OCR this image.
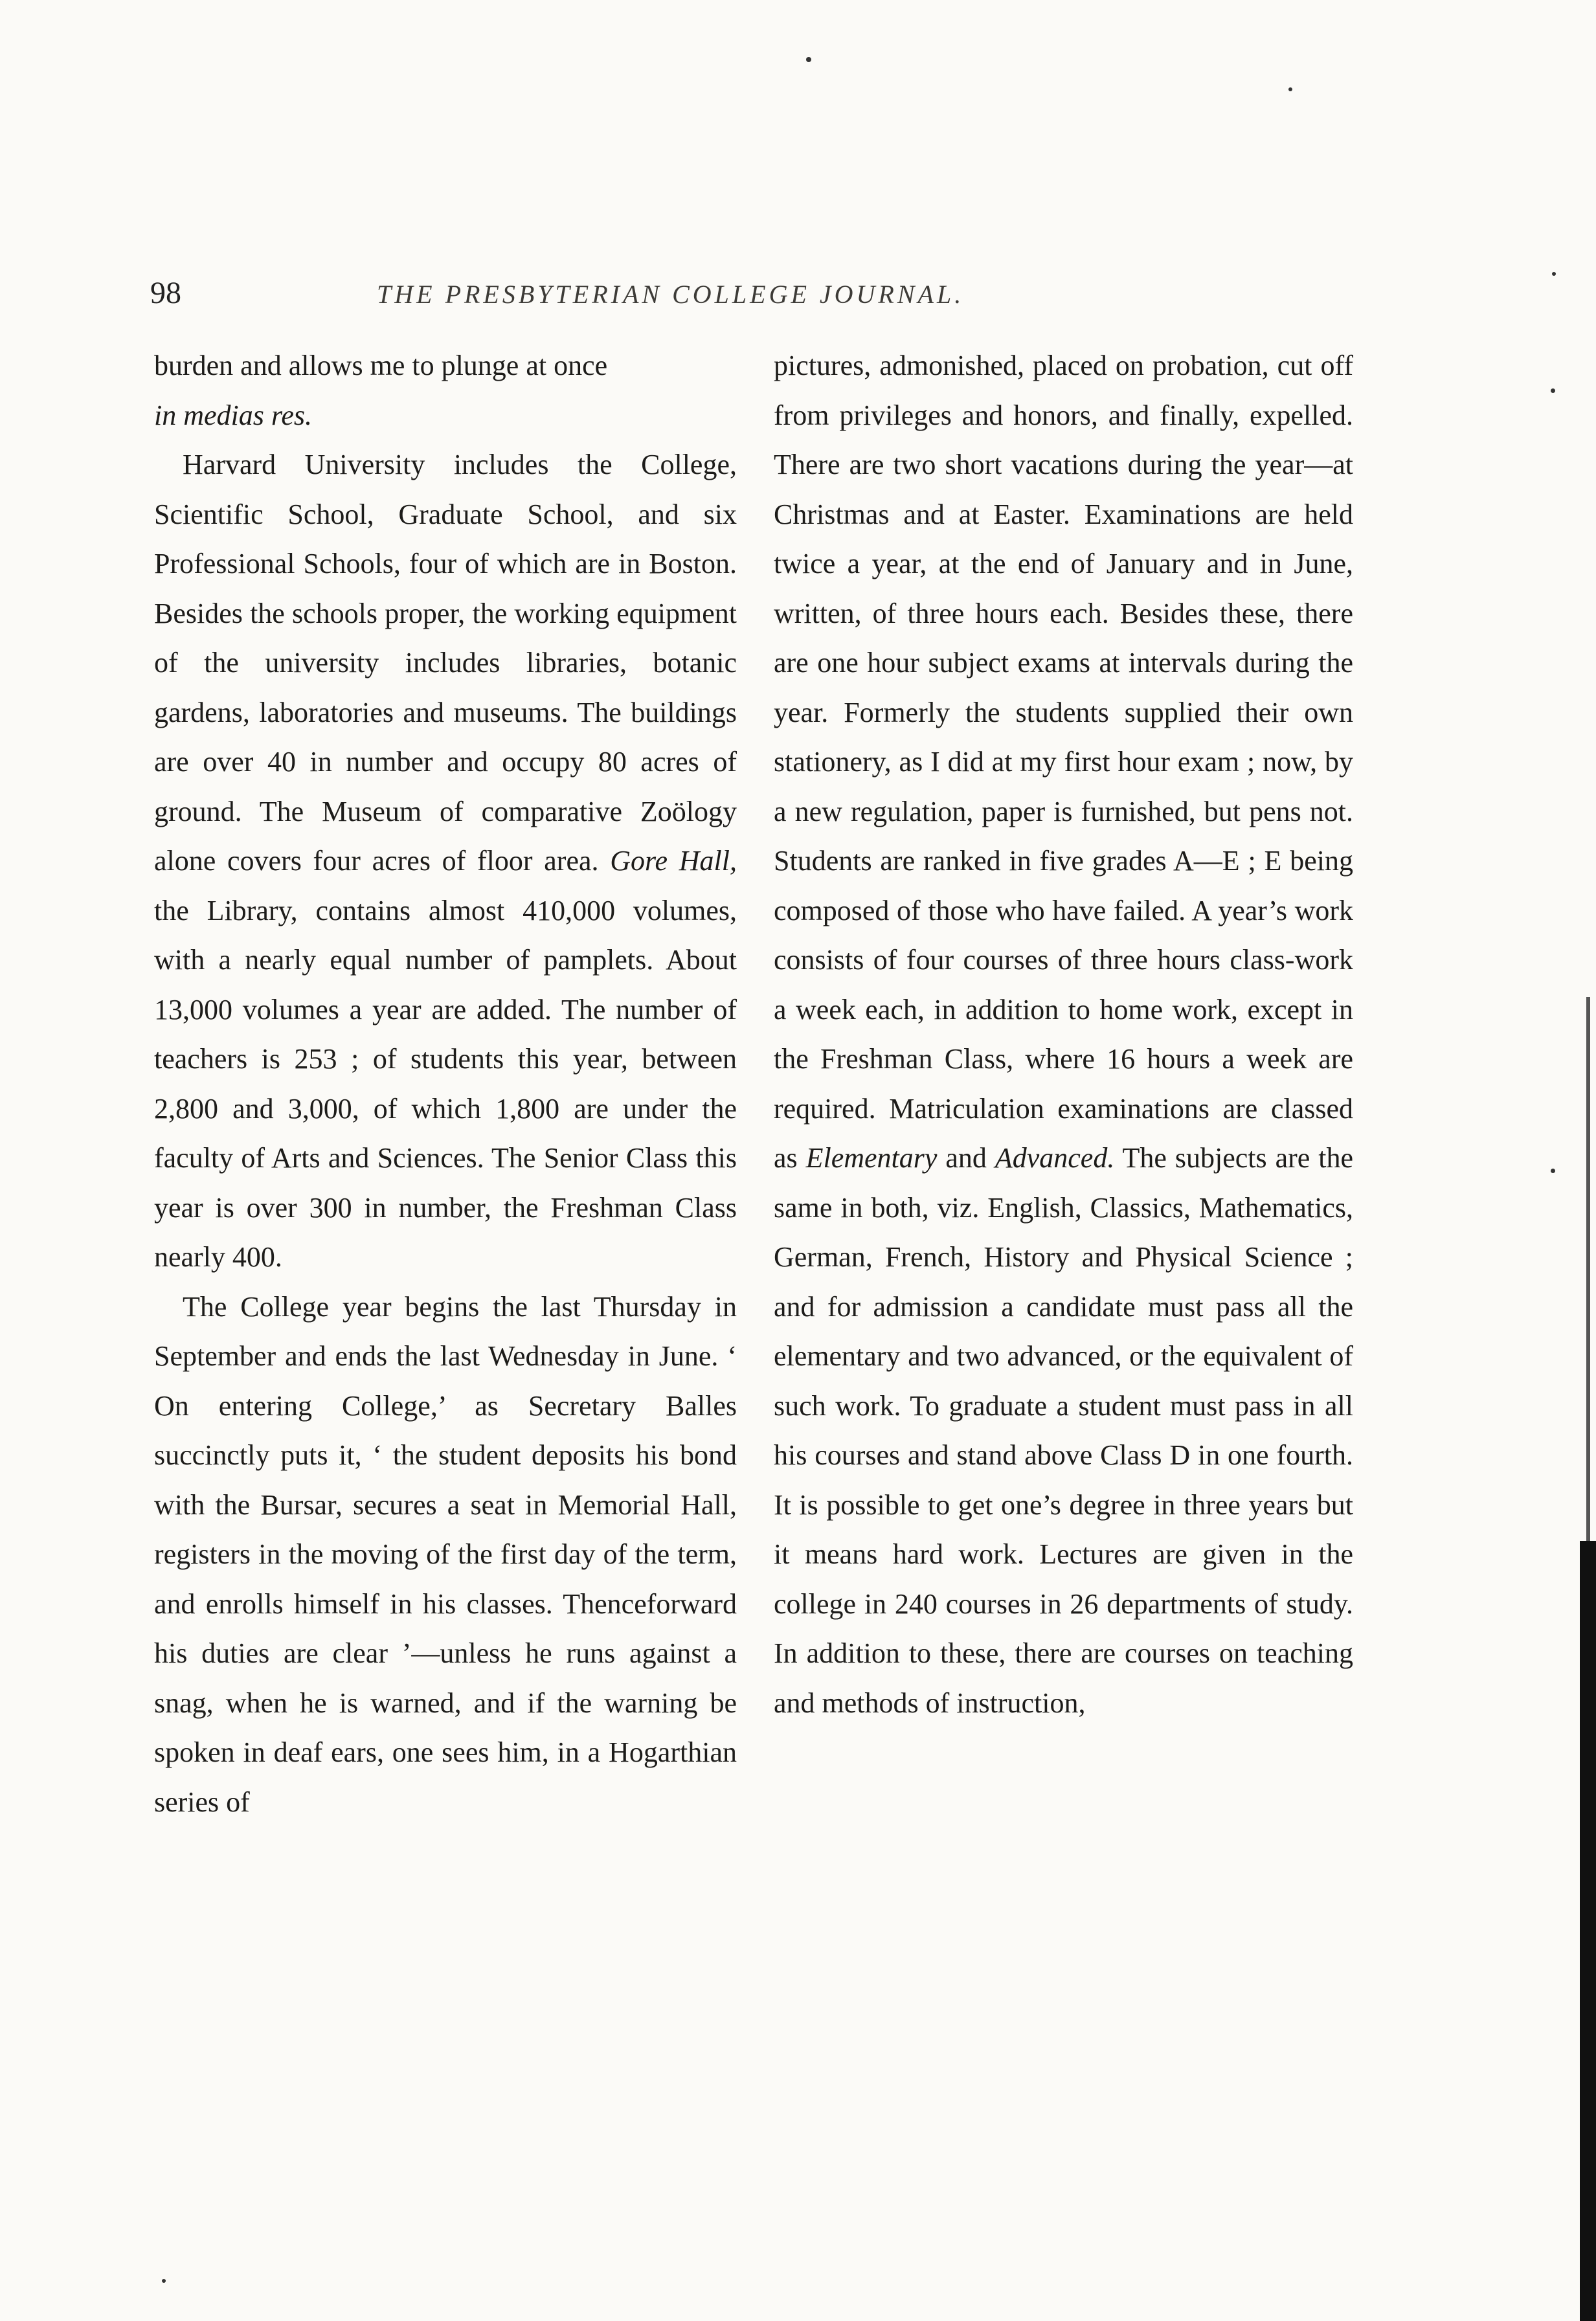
98	THE PRESBYTERIAN COLLEGE JOURNAL.

burden and allows me to plunge at once
in medias res.

Harvard University includes the College, Scientific School, Graduate School, and six Professional Schools, four of which are in Boston. Besides the schools proper, the working equipment of the university includes libraries, botanic gardens, laboratories and museums. The buildings are over 40 in number and occupy 80 acres of ground. The Museum of comparative Zoölogy alone covers four acres of floor area. Gore Hall, the Library, contains almost 410,000 volumes, with a nearly equal number of pamplets. About 13,000 volumes a year are added. The number of teachers is 253 ; of students this year, between 2,800 and 3,000, of which 1,800 are under the faculty of Arts and Sciences. The Senior Class this year is over 300 in number, the Freshman Class nearly 400.

The College year begins the last Thursday in September and ends the last Wednesday in June. ‘ On entering College,’ as Secretary Balles succinctly puts it, ‘ the student deposits his bond with the Bursar, secures a seat in Memorial Hall, registers in the moving of the first day of the term, and enrolls himself in his classes. Thenceforward his duties are clear ’—unless he runs against a snag, when he is warned, and if the warning be spoken in deaf ears, one sees him, in a Hogarthian series of

pictures, admonished, placed on probation, cut off from privileges and honors, and finally, expelled. There are two short vacations during the year—at Christmas and at Easter. Examinations are held twice a year, at the end of January and in June, written, of three hours each. Besides these, there are one hour subject exams at intervals during the year. Formerly the students supplied their own stationery, as I did at my first hour exam ; now, by a new regulation, paper is furnished, but pens not. Students are ranked in five grades A—E ; E being composed of those who have failed. A year’s work consists of four courses of three hours class-work a week each, in addition to home work, except in the Freshman Class, where 16 hours a week are required. Matriculation examinations are classed as Elementary and Advanced. The subjects are the same in both, viz. English, Classics, Mathematics, German, French, History and Physical Science ; and for admission a candidate must pass all the elementary and two advanced, or the equivalent of such work. To graduate a student must pass in all his courses and stand above Class D in one fourth. It is possible to get one’s degree in three years but it means hard work. Lectures are given in the college in 240 courses in 26 departments of study. In addition to these, there are courses on teaching and methods of instruction,
